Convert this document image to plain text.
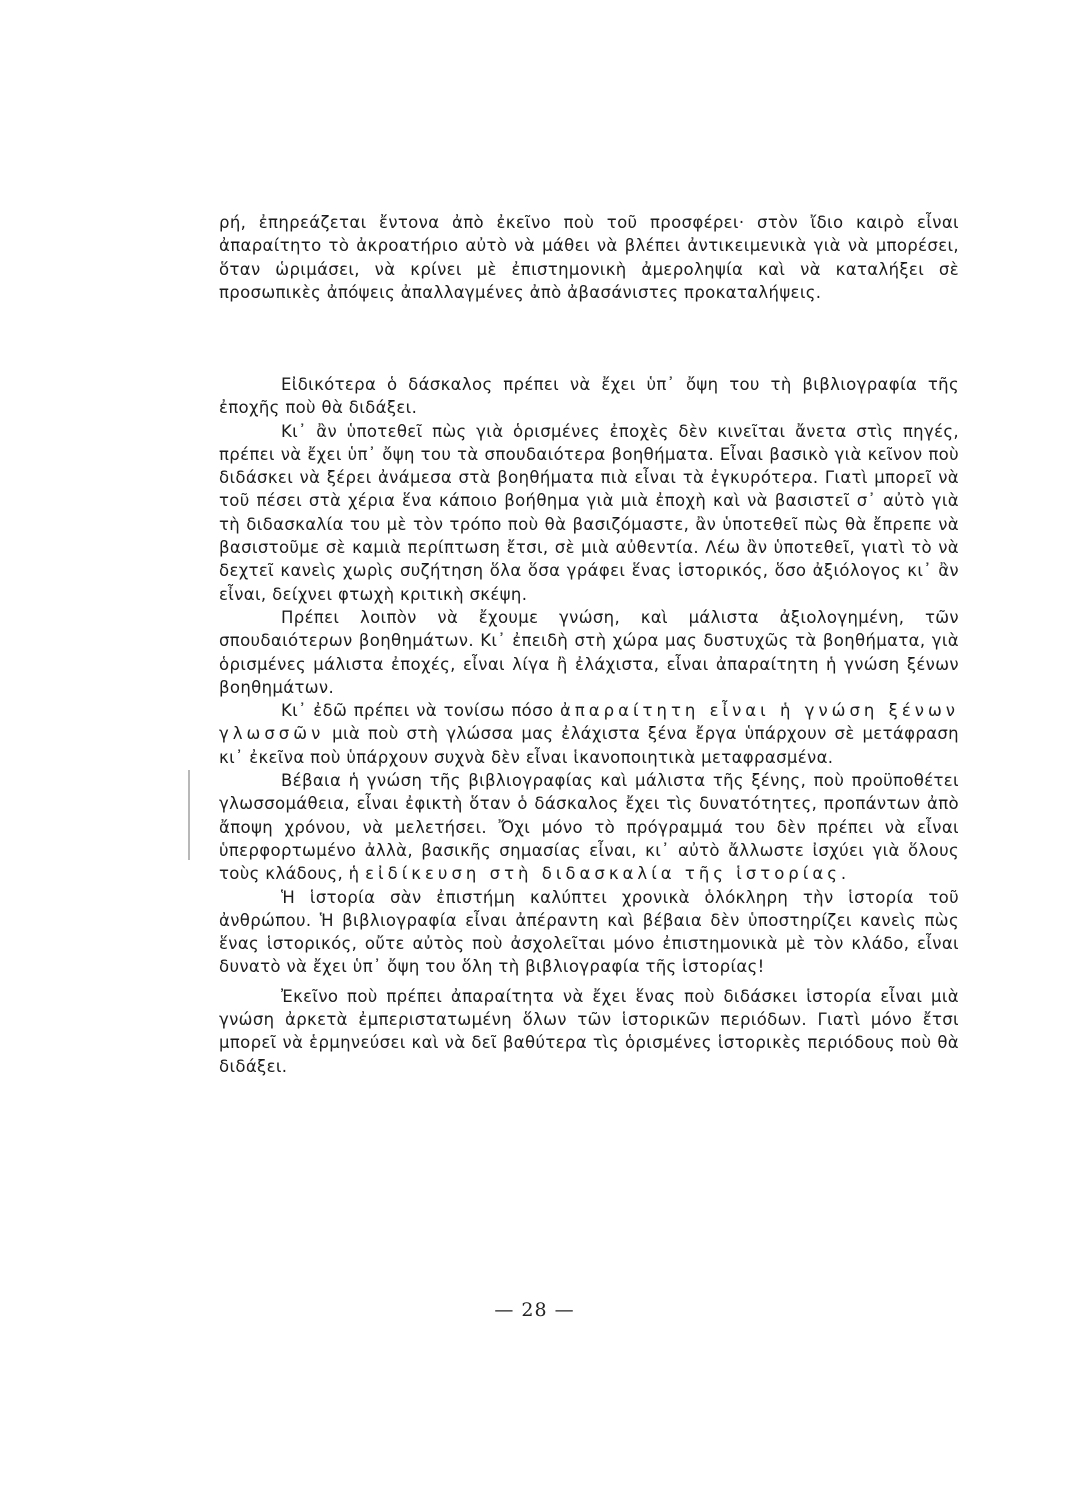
ρή, ἐπηρεάζεται ἔντονα ἀπὸ ἐκεῖνο ποὺ τοῦ προσφέρει· στὸν ἴδιο καιρὸ εἶναι ἀπαραίτητο τὸ ἀκροατήριο αὐτὸ νὰ μάθει νὰ βλέπει ἀντικειμενικὰ γιὰ νὰ μπορέσει, ὅταν ὡριμάσει, νὰ κρίνει μὲ ἐπιστημονικὴ ἀμεροληψία καὶ νὰ καταλήξει σὲ προσωπικὲς ἀπόψεις ἀπαλλαγμένες ἀπὸ ἀβασάνιστες προκαταλήψεις.

Εἰδικότερα ὁ δάσκαλος πρέπει νὰ ἔχει ὑπ᾽ ὄψη του τὴ βιβλιογραφία τῆς ἐποχῆς ποὺ θὰ διδάξει.

Κι᾽ ἂν ὑποτεθεῖ πὼς γιὰ ὁρισμένες ἐποχὲς δὲν κινεῖται ἄνετα στὶς πηγές, πρέπει νὰ ἔχει ὑπ᾽ ὄψη του τὰ σπουδαιότερα βοηθήματα. Εἶναι βασικὸ γιὰ κεῖνον ποὺ διδάσκει νὰ ξέρει ἀνάμεσα στὰ βοηθήματα πιὰ εἶναι τὰ ἐγκυρότερα. Γιατὶ μπορεῖ νὰ τοῦ πέσει στὰ χέρια ἕνα κάποιο βοήθημα γιὰ μιὰ ἐποχὴ καὶ νὰ βασιστεῖ σ᾽ αὐτὸ γιὰ τὴ διδασκαλία του μὲ τὸν τρόπο ποὺ θὰ βασιζόμαστε, ἂν ὑποτεθεῖ πὼς θὰ ἔπρεπε νὰ βασιστοῦμε σὲ καμιὰ περίπτωση ἔτσι, σὲ μιὰ αὐθεντία. Λέω ἂν ὑποτεθεῖ, γιατὶ τὸ νὰ δεχτεῖ κανεὶς χωρὶς συζήτηση ὅλα ὅσα γράφει ἕνας ἱστορικός, ὅσο ἀξιόλογος κι᾽ ἂν εἶναι, δείχνει φτωχὴ κριτικὴ σκέψη.

Πρέπει λοιπὸν νὰ ἔχουμε γνώση, καὶ μάλιστα ἀξιολογημένη, τῶν σπουδαιότερων βοηθημάτων. Κι᾽ ἐπειδὴ στὴ χώρα μας δυστυχῶς τὰ βοηθήματα, γιὰ ὁρισμένες μάλιστα ἐποχές, εἶναι λίγα ἢ ἐλάχιστα, εἶναι ἀπαραίτητη ἡ γνώση ξένων βοηθημάτων.

Κι᾽ ἐδῶ πρέπει νὰ τονίσω πόσο ἀπαραίτητη εἶναι ἡ γνώση ξένων γλωσσῶν μιὰ ποὺ στὴ γλώσσα μας ἐλάχιστα ξένα ἔργα ὑπάρχουν σὲ μετάφραση κι᾽ ἐκεῖνα ποὺ ὑπάρχουν συχνὰ δὲν εἶναι ἱκανοποιητικὰ μεταφρασμένα.

Βέβαια ἡ γνώση τῆς βιβλιογραφίας καὶ μάλιστα τῆς ξένης, ποὺ προϋποθέτει γλωσσομάθεια, εἶναι ἐφικτὴ ὅταν ὁ δάσκαλος ἔχει τὶς δυνατότητες, προπάντων ἀπὸ ἄποψη χρόνου, νὰ μελετήσει. Ὄχι μόνο τὸ πρόγραμμά του δὲν πρέπει νὰ εἶναι ὑπερφορτωμένο ἀλλὰ, βασικῆς σημασίας εἶναι, κι᾽ αὐτὸ ἄλλωστε ἰσχύει γιὰ ὅλους τοὺς κλάδους, ἡ εἰδίκευση στὴ διδασκαλία τῆς ἱστορίας.

Ἡ ἱστορία σὰν ἐπιστήμη καλύπτει χρονικὰ ὁλόκληρη τὴν ἱστορία τοῦ ἀνθρώπου. Ἡ βιβλιογραφία εἶναι ἀπέραντη καὶ βέβαια δὲν ὑποστηρίζει κανεὶς πὼς ἕνας ἱστορικός, οὔτε αὐτὸς ποὺ ἀσχολεῖται μόνο ἐπιστημονικὰ μὲ τὸν κλάδο, εἶναι δυνατὸ νὰ ἔχει ὑπ᾽ ὄψη του ὅλη τὴ βιβλιογραφία τῆς ἱστορίας!

Ἐκεῖνο ποὺ πρέπει ἀπαραίτητα νὰ ἔχει ἕνας ποὺ διδάσκει ἱστορία εἶναι μιὰ γνώση ἀρκετὰ ἐμπεριστατωμένη ὅλων τῶν ἱστορικῶν περιόδων. Γιατὶ μόνο ἔτσι μπορεῖ νὰ ἑρμηνεύσει καὶ νὰ δεῖ βαθύτερα τὶς ὁρισμένες ἱστορικὲς περιόδους ποὺ θὰ διδάξει.

— 28 —
